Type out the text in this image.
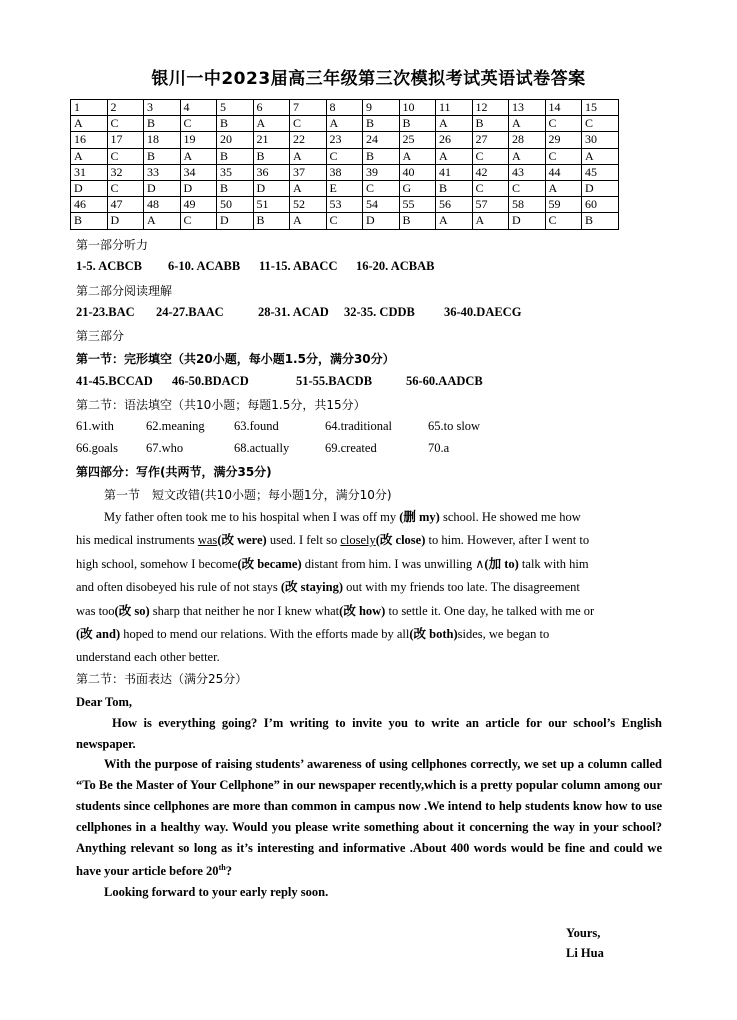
银川一中2023届高三年级第三次模拟考试英语试卷答案
1	2	3	4	5	6	7	8	9	10	11	12	13	14	15
A	C	B	C	B	A	C	A	B	B	A	B	A	C	C
16	17	18	19	20	21	22	23	24	25	26	27	28	29	30
A	C	B	A	B	B	A	C	B	A	A	C	A	C	A
31	32	33	34	35	36	37	38	39	40	41	42	43	44	45
D	C	D	D	B	D	A	E	C	G	B	C	C	A	D
46	47	48	49	50	51	52	53	54	55	56	57	58	59	60
B	D	A	C	D	B	A	C	D	B	A	A	D	C	B
第一部分听力
1-5. ACBCB 6-10. ACABB 11-15. ABACC 16-20. ACBAB
第二部分阅读理解
21-23.BAC 24-27.BAAC	28-31. ACAD 32-35. CDDB 36-40.DAECG
第三部分
第一节：完形填空（共20小题，每小题1.5分，满分30分）
41-45.BCCAD 46-50.BDACD	51-55.BACDB	56-60.AADCB
第二节：语法填空（共10小题；每题1.5分，共15分）
61.with	62.meaning 63.found	64.traditional	65.to slow
66.goals 67.who	68.actually	69.created	70.a
第四部分：写作(共两节，满分35分)
第一节　短文改错(共10小题；每小题1分，满分10分)
My father often took me to his hospital when I was off my (删 my) school. He showed me how
his medical instruments was(改 were) used. I felt so closely(改 close) to him. However, after I went to
high school, somehow I become(改 became) distant from him. I was unwilling ∧(加 to) talk with him
and often disobeyed his rule of not stays (改 staying) out with my friends too late. The disagreement
was too(改 so) sharp that neither he nor I knew what(改 how) to settle it. One day, he talked with me or
(改 and) hoped to mend our relations. With the efforts made by all(改 both)sides, we began to
understand each other better.
第二节：书面表达（满分25分）
Dear Tom,
How is everything going? I’m writing to invite you to write an article for our school’s English newspaper.
With the purpose of raising students’ awareness of using cellphones correctly, we set up a column called “To Be the Master of Your Cellphone” in our newspaper recently,which is a pretty popular column among our students since cellphones are more than common in campus now .We intend to help students know how to use cellphones in a healthy way. Would you please write something about it concerning the way in your school? Anything relevant so long as it’s interesting and informative .About 400 words would be fine and could we have your article before 20th?
Looking forward to your early reply soon.
Yours,
Li Hua
